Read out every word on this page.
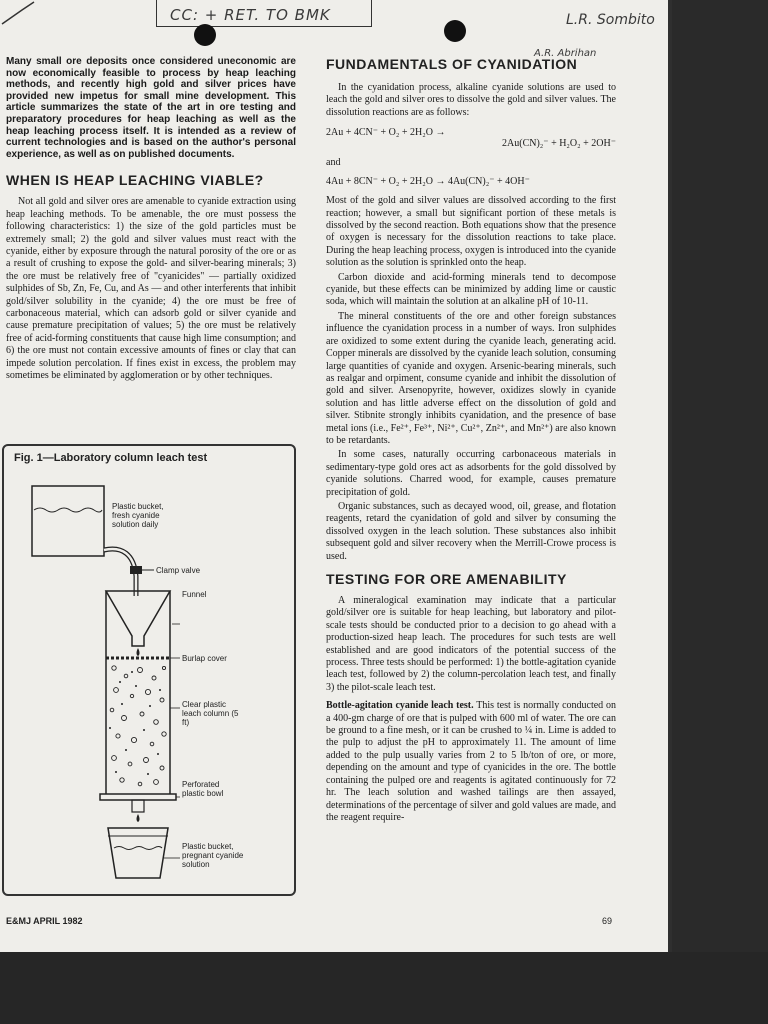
CC: + RET. TO BMK	L.R. Sombito
A.R. Abrihan

Many small ore deposits once considered uneconomic are now economically feasible to process by heap leaching methods, and recently high gold and silver prices have provided new impetus for small mine development. This article summarizes the state of the art in ore testing and preparatory procedures for heap leaching as well as the heap leaching process itself. It is intended as a review of current technologies and is based on the author's personal experience, as well as on published documents.

WHEN IS HEAP LEACHING VIABLE?

Not all gold and silver ores are amenable to cyanide extraction using heap leaching methods. To be amenable, the ore must possess the following characteristics: 1) the size of the gold particles must be extremely small; 2) the gold and silver values must react with the cyanide, either by exposure through the natural porosity of the ore or as a result of crushing to expose the gold- and silver-bearing minerals; 3) the ore must be relatively free of "cyanicides" — partially oxidized sulphides of Sb, Zn, Fe, Cu, and As — and other interferents that inhibit gold/silver solubility in the cyanide; 4) the ore must be free of carbonaceous material, which can adsorb gold or silver cyanide and cause premature precipitation of values; 5) the ore must be relatively free of acid-forming constituents that cause high lime consumption; and 6) the ore must not contain excessive amounts of fines or clay that can impede solution percolation. If fines exist in excess, the problem may sometimes be eliminated by agglomeration or by other techniques.

Fig. 1—Laboratory column leach test
Plastic bucket, fresh cyanide solution daily
Clamp valve
Funnel
Burlap cover
Clear plastic leach column (5 ft)
Perforated plastic bowl
Plastic bucket, pregnant cyanide solution
FUNDAMENTALS OF CYANIDATION

In the cyanidation process, alkaline cyanide solutions are used to leach the gold and silver ores to dissolve the gold and silver values. The dissolution reactions are as follows:

2Au + 4CN⁻ + O₂ + 2H₂O →

2Au(CN)₂⁻ + H₂O₂ + 2OH⁻

and

4Au + 8CN⁻ + O₂ + 2H₂O → 4Au(CN)₂⁻ + 4OH⁻

Most of the gold and silver values are dissolved according to the first reaction; however, a small but significant portion of these metals is dissolved by the second reaction. Both equations show that the presence of oxygen is necessary for the dissolution reactions to take place. During the heap leaching process, oxygen is introduced into the cyanide solution as the solution is sprinkled onto the heap.

Carbon dioxide and acid-forming minerals tend to decompose cyanide, but these effects can be minimized by adding lime or caustic soda, which will maintain the solution at an alkaline pH of 10-11.

The mineral constituents of the ore and other foreign substances influence the cyanidation process in a number of ways. Iron sulphides are oxidized to some extent during the cyanide leach, generating acid. Copper minerals are dissolved by the cyanide leach solution, consuming large quantities of cyanide and oxygen. Arsenic-bearing minerals, such as realgar and orpiment, consume cyanide and inhibit the dissolution of gold and silver. Arsenopyrite, however, oxidizes slowly in cyanide solution and has little adverse effect on the dissolution of gold and silver. Stibnite strongly inhibits cyanidation, and the presence of base metal ions (i.e., Fe²⁺, Fe³⁺, Ni²⁺, Cu²⁺, Zn²⁺, and Mn²⁺) are also known to be retardants.

In some cases, naturally occurring carbonaceous materials in sedimentary-type gold ores act as adsorbents for the gold dissolved by cyanide solutions. Charred wood, for example, causes premature precipitation of gold.

Organic substances, such as decayed wood, oil, grease, and flotation reagents, retard the cyanidation of gold and silver by consuming the dissolved oxygen in the leach solution. These substances also inhibit subsequent gold and silver recovery when the Merrill-Crowe process is used.

TESTING FOR ORE AMENABILITY

A mineralogical examination may indicate that a particular gold/silver ore is suitable for heap leaching, but laboratory and pilot-scale tests should be conducted prior to a decision to go ahead with a production-sized heap leach. The procedures for such tests are well established and are good indicators of the potential success of the process. Three tests should be performed: 1) the bottle-agitation cyanide leach test, followed by 2) the column-percolation leach test, and finally 3) the pilot-scale leach test.

Bottle-agitation cyanide leach test. This test is normally conducted on a 400-gm charge of ore that is pulped with 600 ml of water. The ore can be ground to a fine mesh, or it can be crushed to ¼ in. Lime is added to the pulp to adjust the pH to approximately 11. The amount of lime added to the pulp usually varies from 2 to 5 lb/ton of ore, or more, depending on the amount and type of cyanicides in the ore. The bottle containing the pulped ore and reagents is agitated continuously for 72 hr. The leach solution and washed tailings are then assayed, determinations of the percentage of silver and gold values are made, and the reagent require-

E&MJ APRIL 1982	69
